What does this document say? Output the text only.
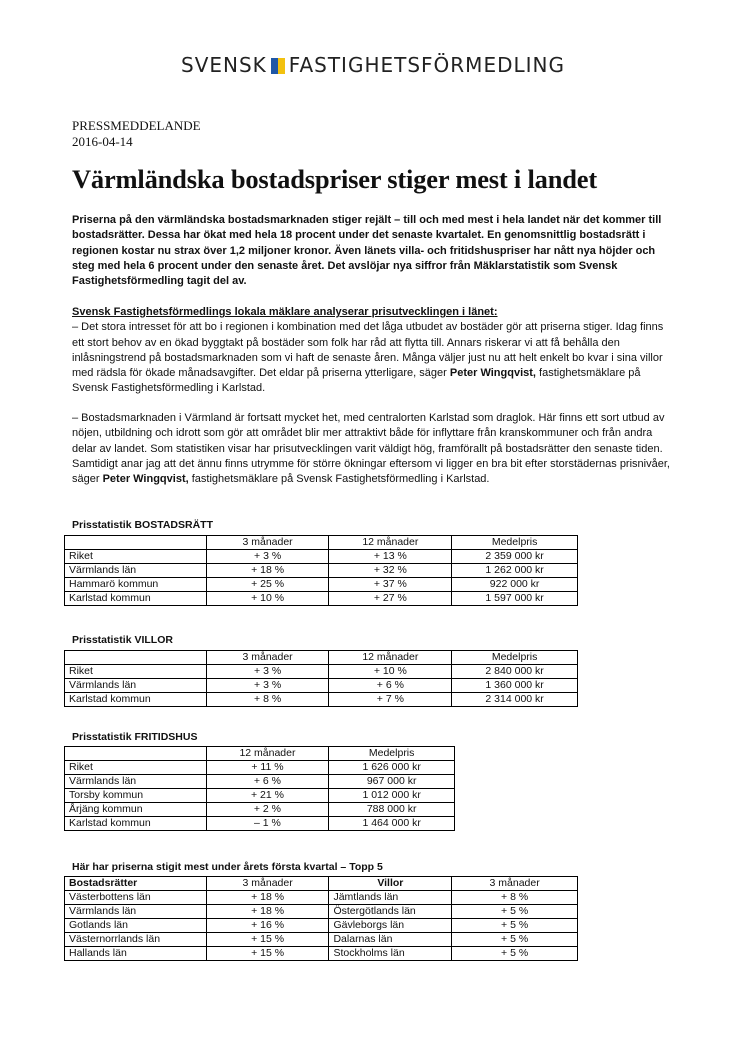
SVENSK FASTIGHETSFÖRMEDLING
PRESSMEDDELANDE
2016-04-14
Värmländska bostadspriser stiger mest i landet
Priserna på den värmländska bostadsmarknaden stiger rejält – till och med mest i hela landet när det kommer till bostadsrätter. Dessa har ökat med hela 18 procent under det senaste kvartalet. En genomsnittlig bostadsrätt i regionen kostar nu strax över 1,2 miljoner kronor. Även länets villa- och fritidshuspriser har nått nya höjder och steg med hela 6 procent under den senaste året. Det avslöjar nya siffror från Mäklarstatistik som Svensk Fastighetsförmedling tagit del av.
Svensk Fastighetsförmedlings lokala mäklare analyserar prisutvecklingen i länet:
– Det stora intresset för att bo i regionen i kombination med det låga utbudet av bostäder gör att priserna stiger. Idag finns ett stort behov av en ökad byggtakt på bostäder som folk har råd att flytta till. Annars riskerar vi att få behålla den inlåsningstrend på bostadsmarknaden som vi haft de senaste åren. Många väljer just nu att helt enkelt bo kvar i sina villor med rädsla för ökade månadsavgifter. Det eldar på priserna ytterligare, säger Peter Wingqvist, fastighetsmäklare på Svensk Fastighetsförmedling i Karlstad.
– Bostadsmarknaden i Värmland är fortsatt mycket het, med centralorten Karlstad som draglok. Här finns ett sort utbud av nöjen, utbildning och idrott som gör att området blir mer attraktivt både för inflyttare från kranskommuner och från andra delar av landet. Som statistiken visar har prisutvecklingen varit väldigt hög, framförallt på bostadsrätter den senaste tiden. Samtidigt anar jag att det ännu finns utrymme för större ökningar eftersom vi ligger en bra bit efter storstädernas prisnivåer, säger Peter Wingqvist, fastighetsmäklare på Svensk Fastighetsförmedling i Karlstad.
Prisstatistik BOSTADSRÄTT
	3 månader	12 månader	Medelpris
Riket	+ 3 %	+ 13 %	2 359 000 kr
Värmlands län	+ 18 %	+ 32 %	1 262 000 kr
Hammarö kommun	+ 25 %	+ 37 %	922 000 kr
Karlstad kommun	+ 10 %	+ 27 %	1 597 000 kr
Prisstatistik VILLOR
	3 månader	12 månader	Medelpris
Riket	+ 3 %	+ 10 %	2 840 000 kr
Värmlands län	+ 3 %	+ 6 %	1 360 000 kr
Karlstad kommun	+ 8 %	+ 7 %	2 314 000 kr
Prisstatistik FRITIDSHUS
	12 månader	Medelpris
Riket	+ 11 %	1 626 000 kr
Värmlands län	+ 6 %	967 000 kr
Torsby kommun	+ 21 %	1 012 000 kr
Årjäng kommun	+ 2 %	788 000 kr
Karlstad kommun	– 1 %	1 464 000 kr
Här har priserna stigit mest under årets första kvartal – Topp 5
Bostadsrätter	3 månader	Villor	3 månader
Västerbottens län	+ 18 %	Jämtlands län	+ 8 %
Värmlands län	+ 18 %	Östergötlands län	+ 5 %
Gotlands län	+ 16 %	Gävleborgs län	+ 5 %
Västernorrlands län	+ 15 %	Dalarnas län	+ 5 %
Hallands län	+ 15 %	Stockholms län	+ 5 %
